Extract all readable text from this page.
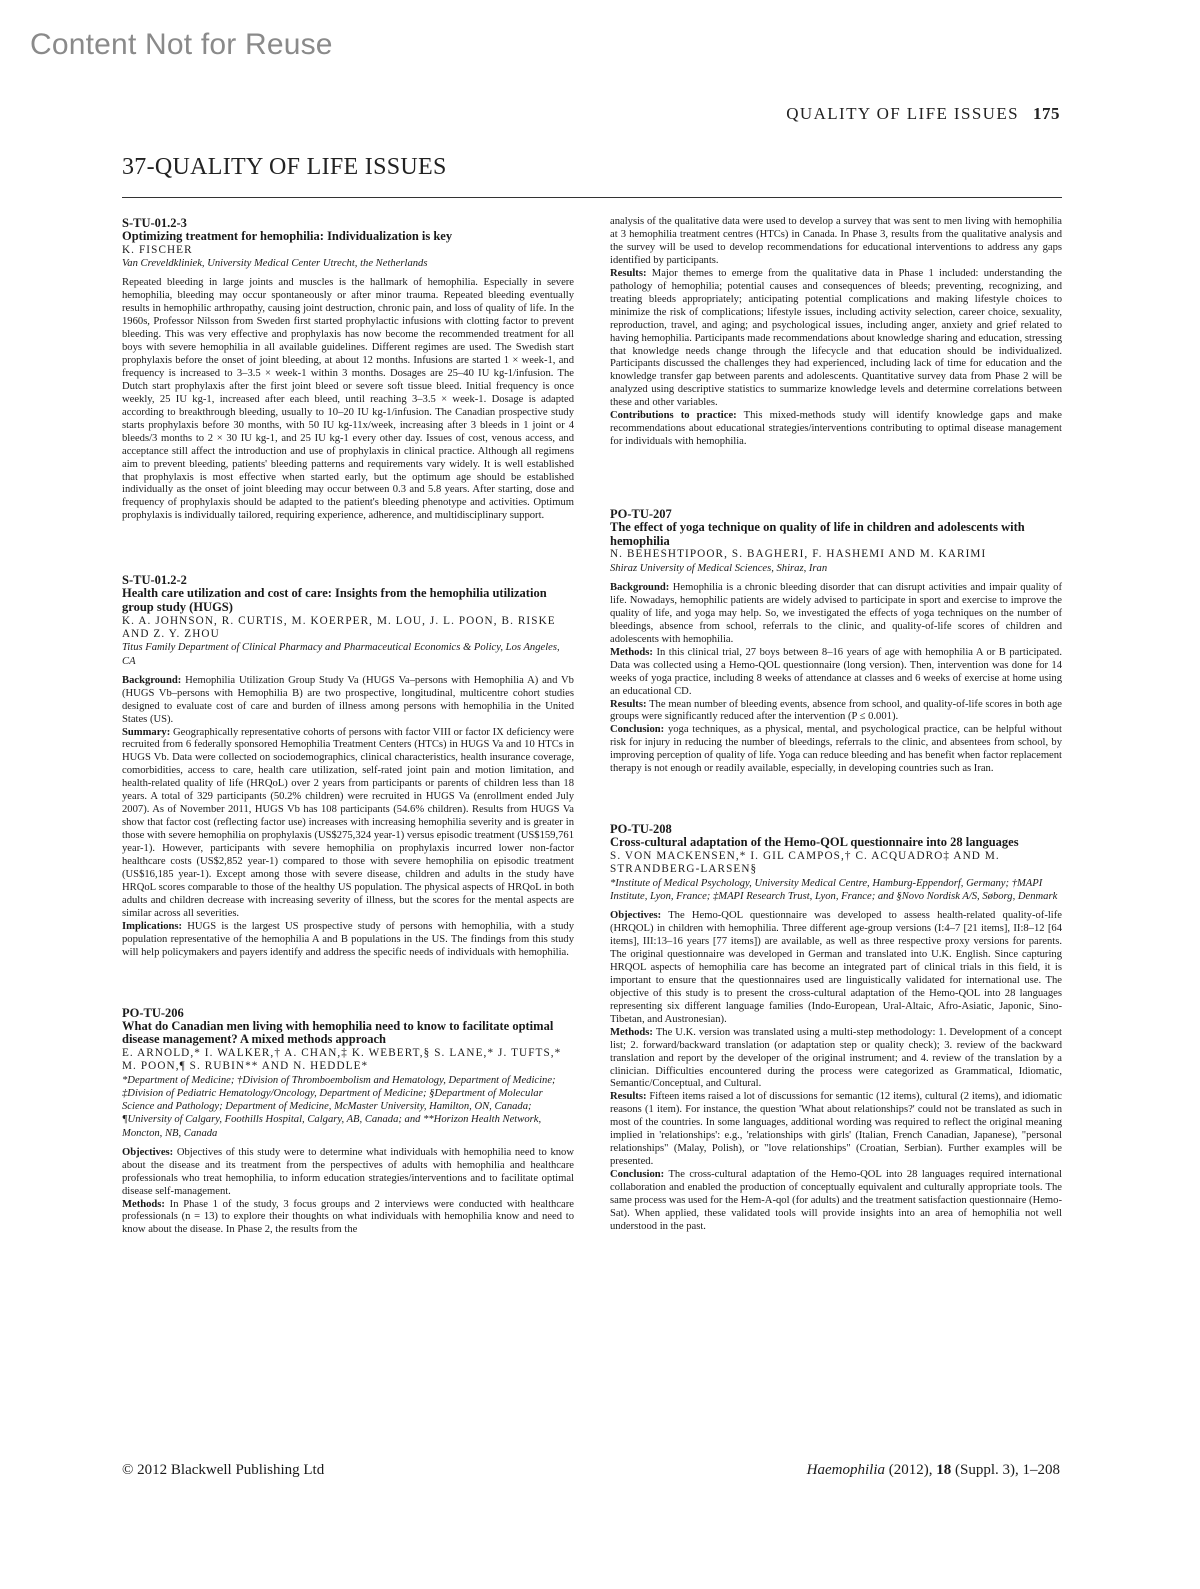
Content Not for Reuse
QUALITY OF LIFE ISSUES 175
37-QUALITY OF LIFE ISSUES
S-TU-01.2-3
Optimizing treatment for hemophilia: Individualization is key
K. FISCHER
Van Creveldkliniek, University Medical Center Utrecht, the Netherlands

Repeated bleeding in large joints and muscles is the hallmark of hemophilia. Especially in severe hemophilia, bleeding may occur spontaneously or after minor trauma. Repeated bleeding eventually results in hemophilic arthropathy, causing joint destruction, chronic pain, and loss of quality of life. In the 1960s, Professor Nilsson from Sweden first started prophylactic infusions with clotting factor to prevent bleeding. This was very effective and prophylaxis has now become the recommended treatment for all boys with severe hemophilia in all available guidelines. Different regimes are used. The Swedish start prophylaxis before the onset of joint bleeding, at about 12 months. Infusions are started 1 × week-1, and frequency is increased to 3–3.5 × week-1 within 3 months. Dosages are 25–40 IU kg-1/infusion. The Dutch start prophylaxis after the first joint bleed or severe soft tissue bleed. Initial frequency is once weekly, 25 IU kg-1, increased after each bleed, until reaching 3–3.5 × week-1. Dosage is adapted according to breakthrough bleeding, usually to 10–20 IU kg-1/infusion. The Canadian prospective study starts prophylaxis before 30 months, with 50 IU kg-11x/week, increasing after 3 bleeds in 1 joint or 4 bleeds/3 months to 2 × 30 IU kg-1, and 25 IU kg-1 every other day. Issues of cost, venous access, and acceptance still affect the introduction and use of prophylaxis in clinical practice. Although all regimens aim to prevent bleeding, patients' bleeding patterns and requirements vary widely. It is well established that prophylaxis is most effective when started early, but the optimum age should be established individually as the onset of joint bleeding may occur between 0.3 and 5.8 years. After starting, dose and frequency of prophylaxis should be adapted to the patient's bleeding phenotype and activities. Optimum prophylaxis is individually tailored, requiring experience, adherence, and multidisciplinary support.

S-TU-01.2-2
Health care utilization and cost of care: Insights from the hemophilia utilization group study (HUGS)
K. A. JOHNSON, R. CURTIS, M. KOERPER, M. LOU, J. L. POON, B. RISKE AND Z. Y. ZHOU
Titus Family Department of Clinical Pharmacy and Pharmaceutical Economics & Policy, Los Angeles, CA

Background: Hemophilia Utilization Group Study Va (HUGS Va–persons with Hemophilia A) and Vb (HUGS Vb–persons with Hemophilia B) are two prospective, longitudinal, multicentre cohort studies designed to evaluate cost of care and burden of illness among persons with hemophilia in the United States (US).

Summary: Geographically representative cohorts of persons with factor VIII or factor IX deficiency were recruited from 6 federally sponsored Hemophilia Treatment Centers (HTCs) in HUGS Va and 10 HTCs in HUGS Vb. Data were collected on sociodemographics, clinical characteristics, health insurance coverage, comorbidities, access to care, health care utilization, self-rated joint pain and motion limitation, and health-related quality of life (HRQoL) over 2 years from participants or parents of children less than 18 years. A total of 329 participants (50.2% children) were recruited in HUGS Va (enrollment ended July 2007). As of November 2011, HUGS Vb has 108 participants (54.6% children). Results from HUGS Va show that factor cost (reflecting factor use) increases with increasing hemophilia severity and is greater in those with severe hemophilia on prophylaxis (US$275,324 year-1) versus episodic treatment (US$159,761 year-1). However, participants with severe hemophilia on prophylaxis incurred lower non-factor healthcare costs (US$2,852 year-1) compared to those with severe hemophilia on episodic treatment (US$16,185 year-1). Except among those with severe disease, children and adults in the study have HRQoL scores comparable to those of the healthy US population. The physical aspects of HRQoL in both adults and children decrease with increasing severity of illness, but the scores for the mental aspects are similar across all severities.

Implications: HUGS is the largest US prospective study of persons with hemophilia, with a study population representative of the hemophilia A and B populations in the US. The findings from this study will help policymakers and payers identify and address the specific needs of individuals with hemophilia.

PO-TU-206
What do Canadian men living with hemophilia need to know to facilitate optimal disease management? A mixed methods approach
E. ARNOLD,* I. WALKER,† A. CHAN,‡ K. WEBERT,§ S. LANE,* J. TUFTS,* M. POON,¶ S. RUBIN** AND N. HEDDLE*
*Department of Medicine; †Division of Thromboembolism and Hematology, Department of Medicine; ‡Division of Pediatric Hematology/Oncology, Department of Medicine; §Department of Molecular Science and Pathology; Department of Medicine, McMaster University, Hamilton, ON, Canada; ¶University of Calgary, Foothills Hospital, Calgary, AB, Canada; and **Horizon Health Network, Moncton, NB, Canada

Objectives: Objectives of this study were to determine what individuals with hemophilia need to know about the disease and its treatment from the perspectives of adults with hemophilia and healthcare professionals who treat hemophilia, to inform education strategies/interventions and to facilitate optimal disease self-management.

Methods: In Phase 1 of the study, 3 focus groups and 2 interviews were conducted with healthcare professionals (n = 13) to explore their thoughts on what individuals with hemophilia know and need to know about the disease. In Phase 2, the results from the

analysis of the qualitative data were used to develop a survey that was sent to men living with hemophilia at 3 hemophilia treatment centres (HTCs) in Canada. In Phase 3, results from the qualitative analysis and the survey will be used to develop recommendations for educational interventions to address any gaps identified by participants.

Results: Major themes to emerge from the qualitative data in Phase 1 included: understanding the pathology of hemophilia; potential causes and consequences of bleeds; preventing, recognizing, and treating bleeds appropriately; anticipating potential complications and making lifestyle choices to minimize the risk of complications; lifestyle issues, including activity selection, career choice, sexuality, reproduction, travel, and aging; and psychological issues, including anger, anxiety and grief related to having hemophilia. Participants made recommendations about knowledge sharing and education, stressing that knowledge needs change through the lifecycle and that education should be individualized. Participants discussed the challenges they had experienced, including lack of time for education and the knowledge transfer gap between parents and adolescents. Quantitative survey data from Phase 2 will be analyzed using descriptive statistics to summarize knowledge levels and determine correlations between these and other variables.

Contributions to practice: This mixed-methods study will identify knowledge gaps and make recommendations about educational strategies/interventions contributing to optimal disease management for individuals with hemophilia.

PO-TU-207
The effect of yoga technique on quality of life in children and adolescents with hemophilia
N. BEHESHTIPOOR, S. BAGHERI, F. HASHEMI AND M. KARIMI
Shiraz University of Medical Sciences, Shiraz, Iran

Background: Hemophilia is a chronic bleeding disorder that can disrupt activities and impair quality of life. Nowadays, hemophilic patients are widely advised to participate in sport and exercise to improve the quality of life, and yoga may help. So, we investigated the effects of yoga techniques on the number of bleedings, absence from school, referrals to the clinic, and quality-of-life scores of children and adolescents with hemophilia.

Methods: In this clinical trial, 27 boys between 8–16 years of age with hemophilia A or B participated. Data was collected using a Hemo-QOL questionnaire (long version). Then, intervention was done for 14 weeks of yoga practice, including 8 weeks of attendance at classes and 6 weeks of exercise at home using an educational CD.

Results: The mean number of bleeding events, absence from school, and quality-of-life scores in both age groups were significantly reduced after the intervention (P ≤ 0.001).

Conclusion: yoga techniques, as a physical, mental, and psychological practice, can be helpful without risk for injury in reducing the number of bleedings, referrals to the clinic, and absentees from school, by improving perception of quality of life. Yoga can reduce bleeding and has benefit when factor replacement therapy is not enough or readily available, especially, in developing countries such as Iran.

PO-TU-208
Cross-cultural adaptation of the Hemo-QOL questionnaire into 28 languages
S. VON MACKENSEN,* I. GIL CAMPOS,† C. ACQUADRO‡ AND M. STRANDBERG-LARSEN§
*Institute of Medical Psychology, University Medical Centre, Hamburg-Eppendorf, Germany; †MAPI Institute, Lyon, France; ‡MAPI Research Trust, Lyon, France; and §Novo Nordisk A/S, Søborg, Denmark

Objectives: The Hemo-QOL questionnaire was developed to assess health-related quality-of-life (HRQOL) in children with hemophilia. Three different age-group versions (I:4–7 [21 items], II:8–12 [64 items], III:13–16 years [77 items]) are available, as well as three respective proxy versions for parents. The original questionnaire was developed in German and translated into U.K. English. Since capturing HRQOL aspects of hemophilia care has become an integrated part of clinical trials in this field, it is important to ensure that the questionnaires used are linguistically validated for international use. The objective of this study is to present the cross-cultural adaptation of the Hemo-QOL into 28 languages representing six different language families (Indo-European, Ural-Altaic, Afro-Asiatic, Japonic, Sino-Tibetan, and Austronesian).

Methods: The U.K. version was translated using a multi-step methodology: 1. Development of a concept list; 2. forward/backward translation (or adaptation step or quality check); 3. review of the backward translation and report by the developer of the original instrument; and 4. review of the translation by a clinician. Difficulties encountered during the process were categorized as Grammatical, Idiomatic, Semantic/Conceptual, and Cultural.

Results: Fifteen items raised a lot of discussions for semantic (12 items), cultural (2 items), and idiomatic reasons (1 item). For instance, the question 'What about relationships?' could not be translated as such in most of the countries. In some languages, additional wording was required to reflect the original meaning implied in 'relationships': e.g., 'relationships with girls' (Italian, French Canadian, Japanese), "personal relationships" (Malay, Polish), or "love relationships" (Croatian, Serbian). Further examples will be presented.

Conclusion: The cross-cultural adaptation of the Hemo-QOL into 28 languages required international collaboration and enabled the production of conceptually equivalent and culturally appropriate tools. The same process was used for the Hem-A-qol (for adults) and the treatment satisfaction questionnaire (Hemo-Sat). When applied, these validated tools will provide insights into an area of hemophilia not well understood in the past.

© 2012 Blackwell Publishing Ltd	Haemophilia (2012), 18 (Suppl. 3), 1–208
